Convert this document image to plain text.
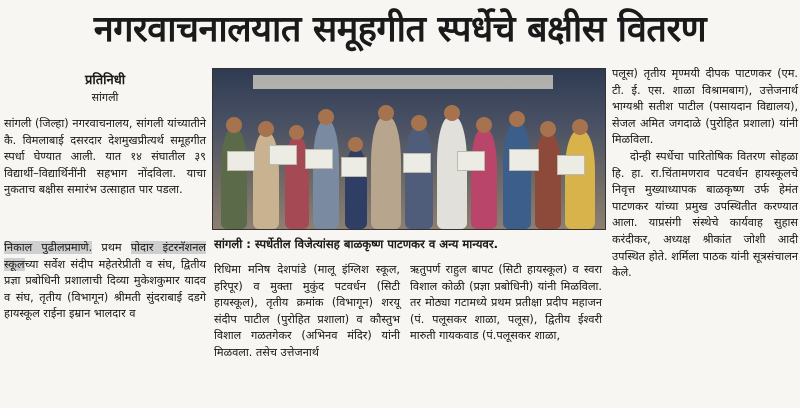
नगरवाचनालयात समूहगीत स्पर्धेचे बक्षीस वितरण
प्रतिनिधी
सांगली
सांगली (जिल्हा) नगरवाचनालय, सांगली यांच्यातीने कै. विमलाबाई दसरदार देशमुखप्रीत्यर्थ समूहगीत स्पर्धा घेण्यात आली. यात १४ संघातील ३९ विद्यार्थी–विद्यार्थिनींनी सहभाग नोंदविला. याचा नुकताच बक्षीस समारंभ उत्साहात पार पडला.

निकाल पुढीलप्रमाणे. प्रथम पोदार इंटरनॅशनल स्कूलच्या सर्वेश संदीप महेतरेप्रीती व संघ, द्वितीय प्रज्ञा प्रबोधिनी प्रशालाची दिव्या मुकेशकुमार यादव व संघ, तृतीय (विभागून) श्रीमती सुंदराबाई दडगे हायस्कूल राईना इम्रान भालदार व

सांगली : स्पर्धेतील विजेत्यांसह बाळकृष्ण पाटणकर व अन्य मान्यवर.

रिधिमा मनिष देशपांडे (मालू इंग्लिश स्कूल, हरिपूर) व मुक्ता मुकुंद पटवर्धन (सिटी हायस्कूल), तृतीय क्रमांक (विभागून) शरयू संदीप पाटील (पुरोहित प्रशाला) व कौस्तुभ विशाल गळतगेकर (अभिनव मंदिर) यांनी मिळवला. तसेच उत्तेजनार्थ

ऋतुपर्ण राहुल बापट (सिटी हायस्कूल) व स्वरा विशाल कोळी (प्रज्ञा प्रबोधिनी) यांनी मिळविला. तर मोठ्या गटामध्ये प्रथम प्रतीक्षा प्रदीप महाजन (पं. पलूसकर शाळा, पलूस), द्वितीय ईश्वरी मारुती गायकवाड (पं.पलूसकर शाळा,

पलूस) तृतीय मृण्मयी दीपक पाटणकर (एम. टी. ई. एस. शाळा विश्रामबाग), उत्तेजनार्थ भाग्यश्री सतीश पाटील (पसायदान विद्यालय), सेजल अमित जगदाळे (पुरोहित प्रशाला) यांनी मिळविला.

दोन्ही स्पर्धेचा पारितोषिक वितरण सोहळा हि. हा. रा.चिंतामणराव पटवर्धन हायस्कूलचे निवृत्त मुख्याध्यापक बाळकृष्ण उर्फ हेमंत पाटणकर यांच्या प्रमुख उपस्थितीत करण्यात आला. याप्रसंगी संस्थेचे कार्यवाह सुहास करंदीकर, अध्यक्ष श्रीकांत जोशी आदी उपस्थित होते. शर्मिला पाठक यांनी सूत्रसंचालन केले.
